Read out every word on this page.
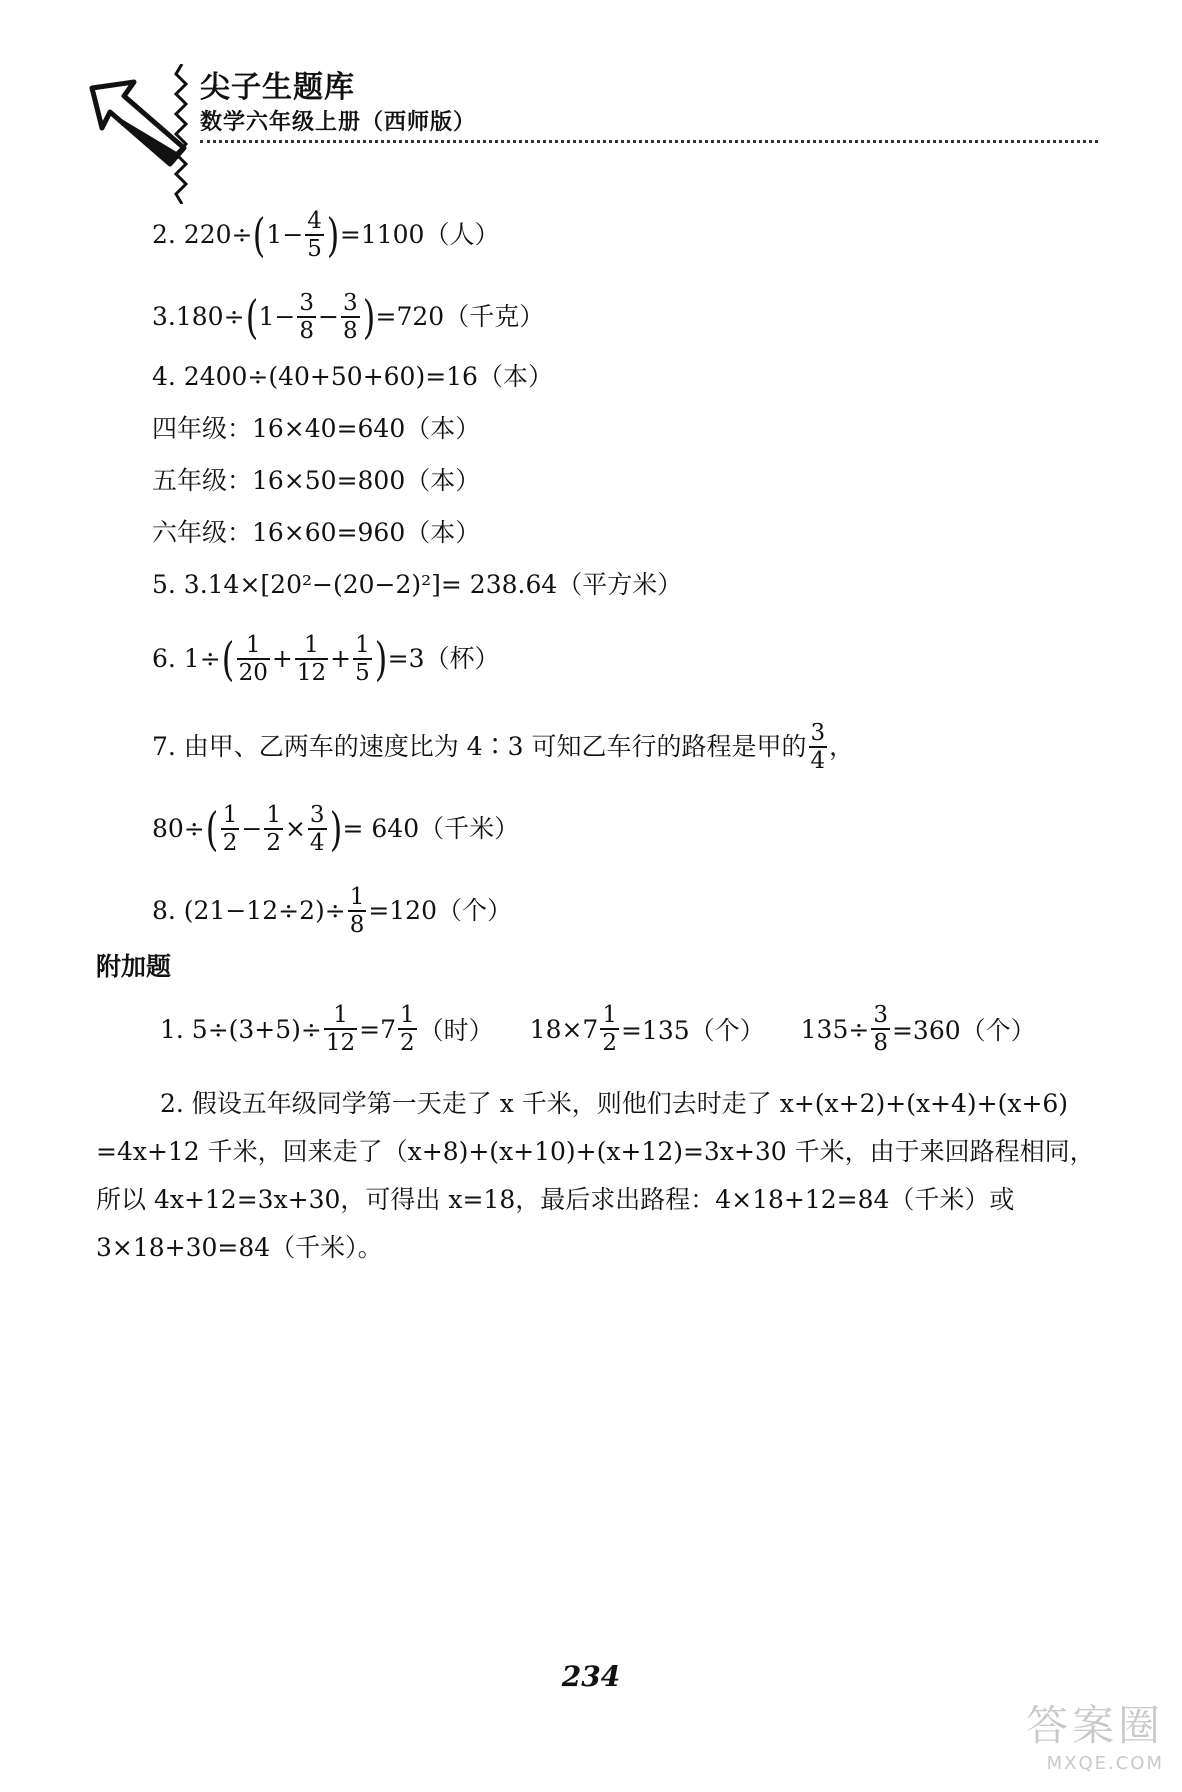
尖子生题库
数学六年级上册（西师版）
2. 220÷ ( $1- \frac{4}{5}$ ) =1100（人）
3.180÷ ( $1- \frac{3}{8} - \frac{3}{8}$ ) =720（千克）
4. 2400÷(40+50+60)=16（本）
四年级：16×40=640（本）
五年级：16×50=800（本）
六年级：16×60=960（本）
5. 3.14×[20²−(20−2)²]= 238.64（平方米）
6. 1÷ ( $\frac{1}{20} + \frac{1}{12} + \frac{1}{5}$ ) =3（杯）
7. 由甲、乙两车的速度比为 4∶3 可知乙车行的路程是甲的 $\frac{3}{4}$ ，
80÷ ( $\frac{1}{2} - \frac{1}{2} \times \frac{3}{4}$ ) = 640（千米）
8. $(21-12\div 2)\div \frac{1}{8} =120$（个）
附加题
1. $5\div(3+5)\div \frac{1}{12} =7 \frac{1}{2}$ （时） $18\times 7 \frac{1}{2} =135$（个） $135\div \frac{3}{8} =360$（个）
2. 假设五年级同学第一天走了 x 千米，则他们去时走了 x+(x+2)+(x+4)+(x+6) =4x+12 千米，回来走了（x+8)+(x+10)+(x+12)=3x+30 千米，由于来回路程相同，所以 4x+12=3x+30，可得出 x=18，最后求出路程：4×18+12=84（千米）或 3×18+30=84（千米）。
234
答案圈
MXQE.COM
